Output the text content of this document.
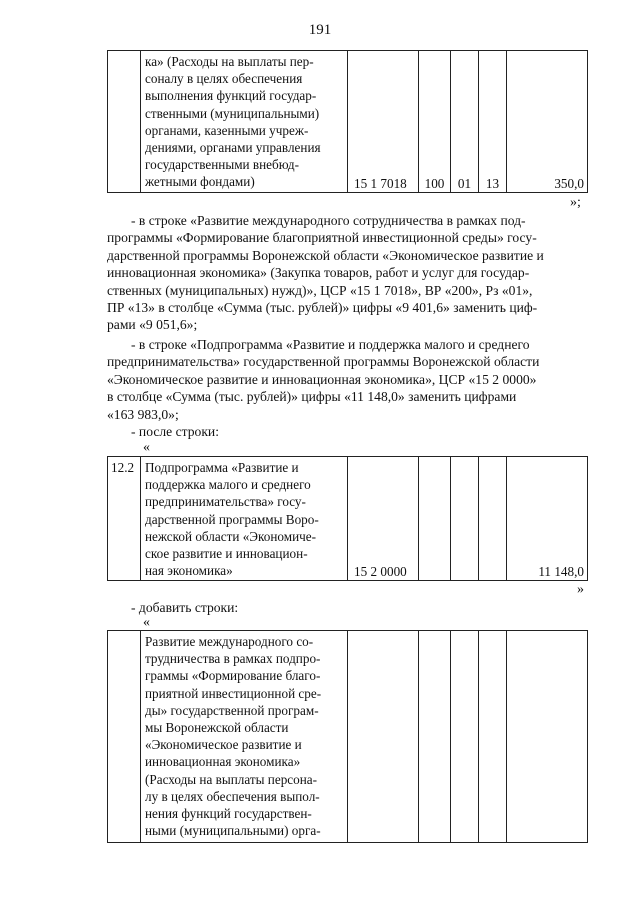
191

ка» (Расходы на выплаты пер-
соналу в целях обеспечения
выполнения функций государ-
ственными (муниципальными)
органами, казенными учреж-
дениями, органами управления
государственными внебюд-
жетными фондами)	15 1 7018	100	01	13	350,0
»;
- в строке «Развитие международного сотрудничества в рамках под-
программы «Формирование благоприятной инвестиционной среды» госу-
дарственной программы Воронежской области «Экономическое развитие и
инновационная экономика» (Закупка товаров, работ и услуг для государ-
ственных (муниципальных) нужд)», ЦСР «15 1 7018», ВР «200», Рз «01»,
ПР «13» в столбце «Сумма (тыс. рублей)» цифры «9 401,6» заменить циф-
рами «9 051,6»;
- в строке «Подпрограмма «Развитие и поддержка малого и среднего
предпринимательства» государственной программы Воронежской области
«Экономическое развитие и инновационная экономика», ЦСР «15 2 0000»
в столбце «Сумма (тыс. рублей)» цифры «11 148,0» заменить цифрами
«163 983,0»;
- после строки:
«
12.2	Подпрограмма «Развитие и
поддержка малого и среднего
предпринимательства» госу-
дарственной программы Воро-
нежской области «Экономиче-
ское развитие и инновацион-
ная экономика»	15 2 0000				11 148,0
»
- добавить строки:
«

Развитие международного со-
трудничества в рамках подпро-
граммы «Формирование благо-
приятной инвестиционной сре-
ды» государственной програм-
мы Воронежской области
«Экономическое развитие и
инновационная экономика»
(Расходы на выплаты персона-
лу в целях обеспечения выпол-
нения функций государствен-
ными (муниципальными) орга-
